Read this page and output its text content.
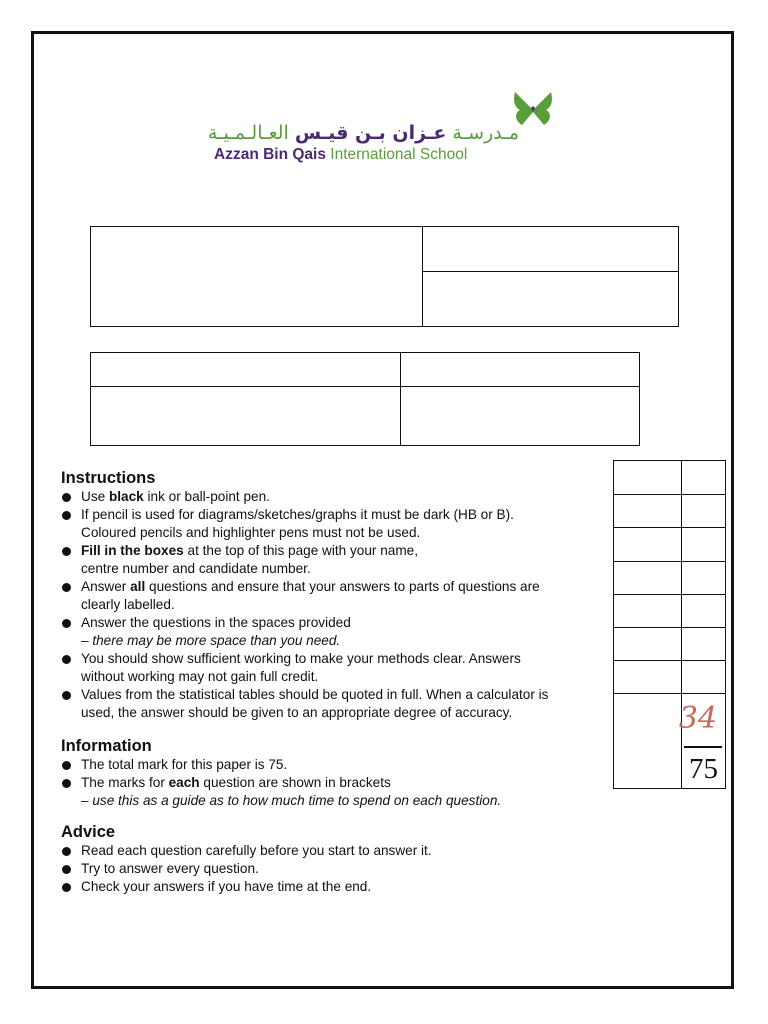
مـدرسـة عـزان بـن قيـس العـالـمـيـة
Azzan Bin Qais International School
34
75
Instructions
Use black ink or ball-point pen.
If pencil is used for diagrams/sketches/graphs it must be dark (HB or B).
Coloured pencils and highlighter pens must not be used.
Fill in the boxes at the top of this page with your name,
centre number and candidate number.
Answer all questions and ensure that your answers to parts of questions are
clearly labelled.
Answer the questions in the spaces provided
– there may be more space than you need.
You should show sufficient working to make your methods clear. Answers
without working may not gain full credit.
Values from the statistical tables should be quoted in full. When a calculator is
used, the answer should be given to an appropriate degree of accuracy.
Information
The total mark for this paper is 75.
The marks for each question are shown in brackets
– use this as a guide as to how much time to spend on each question.
Advice
Read each question carefully before you start to answer it.
Try to answer every question.
Check your answers if you have time at the end.
